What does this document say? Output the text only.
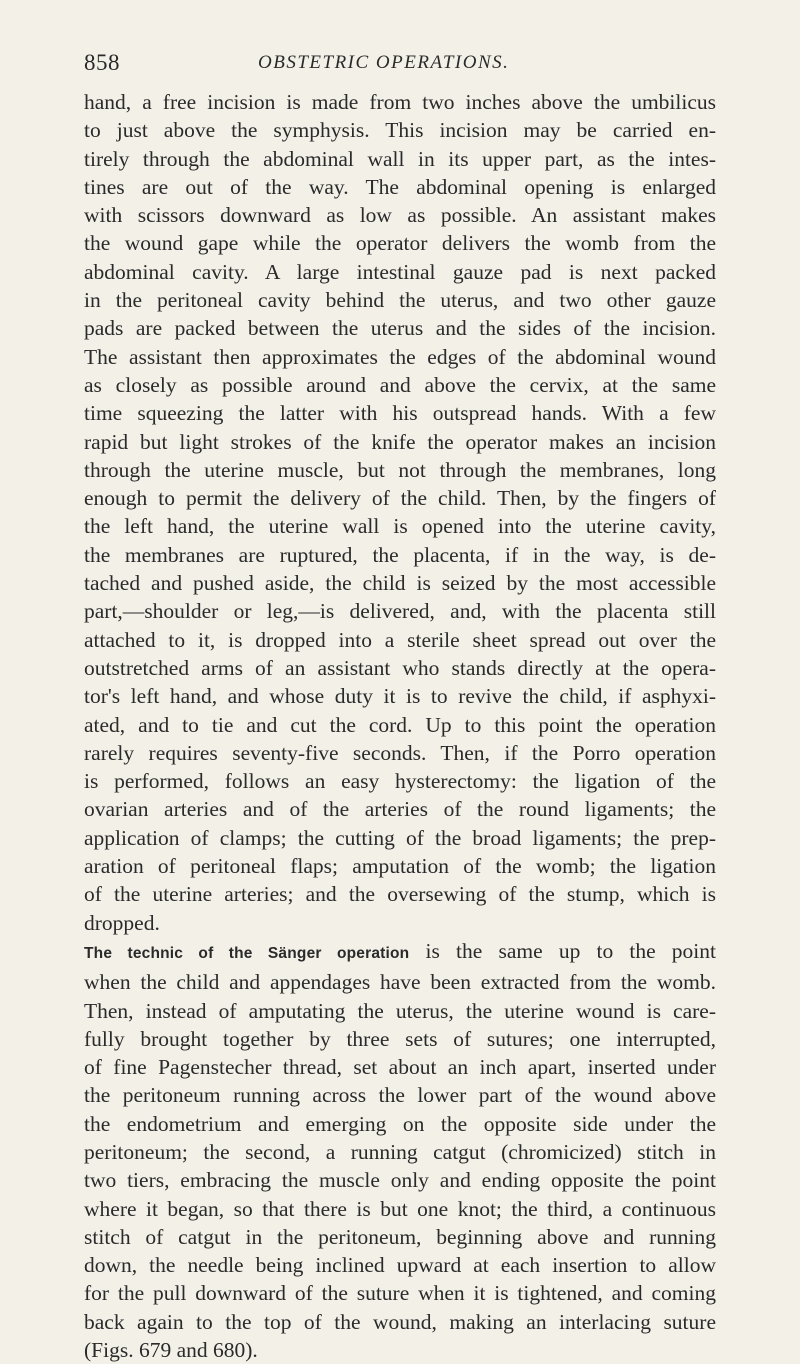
858	OBSTETRIC OPERATIONS.
hand, a free incision is made from two inches above the umbilicus
to just above the symphysis. This incision may be carried en-
tirely through the abdominal wall in its upper part, as the intes-
tines are out of the way. The abdominal opening is enlarged
with scissors downward as low as possible. An assistant makes
the wound gape while the operator delivers the womb from the
abdominal cavity. A large intestinal gauze pad is next packed
in the peritoneal cavity behind the uterus, and two other gauze
pads are packed between the uterus and the sides of the incision.
The assistant then approximates the edges of the abdominal wound
as closely as possible around and above the cervix, at the same
time squeezing the latter with his outspread hands. With a few
rapid but light strokes of the knife the operator makes an incision
through the uterine muscle, but not through the membranes, long
enough to permit the delivery of the child. Then, by the fingers of
the left hand, the uterine wall is opened into the uterine cavity,
the membranes are ruptured, the placenta, if in the way, is de-
tached and pushed aside, the child is seized by the most accessible
part,—shoulder or leg,—is delivered, and, with the placenta still
attached to it, is dropped into a sterile sheet spread out over the
outstretched arms of an assistant who stands directly at the opera-
tor's left hand, and whose duty it is to revive the child, if asphyxi-
ated, and to tie and cut the cord. Up to this point the operation
rarely requires seventy-five seconds. Then, if the Porro operation
is performed, follows an easy hysterectomy: the ligation of the
ovarian arteries and of the arteries of the round ligaments; the
application of clamps; the cutting of the broad ligaments; the prep-
aration of peritoneal flaps; amputation of the womb; the ligation
of the uterine arteries; and the oversewing of the stump, which is
dropped.
The technic of the Sänger operation is the same up to the point
when the child and appendages have been extracted from the womb.
Then, instead of amputating the uterus, the uterine wound is care-
fully brought together by three sets of sutures; one interrupted,
of fine Pagenstecher thread, set about an inch apart, inserted under
the peritoneum running across the lower part of the wound above
the endometrium and emerging on the opposite side under the
peritoneum; the second, a running catgut (chromicized) stitch in
two tiers, embracing the muscle only and ending opposite the point
where it began, so that there is but one knot; the third, a continuous
stitch of catgut in the peritoneum, beginning above and running
down, the needle being inclined upward at each insertion to allow
for the pull downward of the suture when it is tightened, and coming
back again to the top of the wound, making an interlacing suture
(Figs. 679 and 680).
